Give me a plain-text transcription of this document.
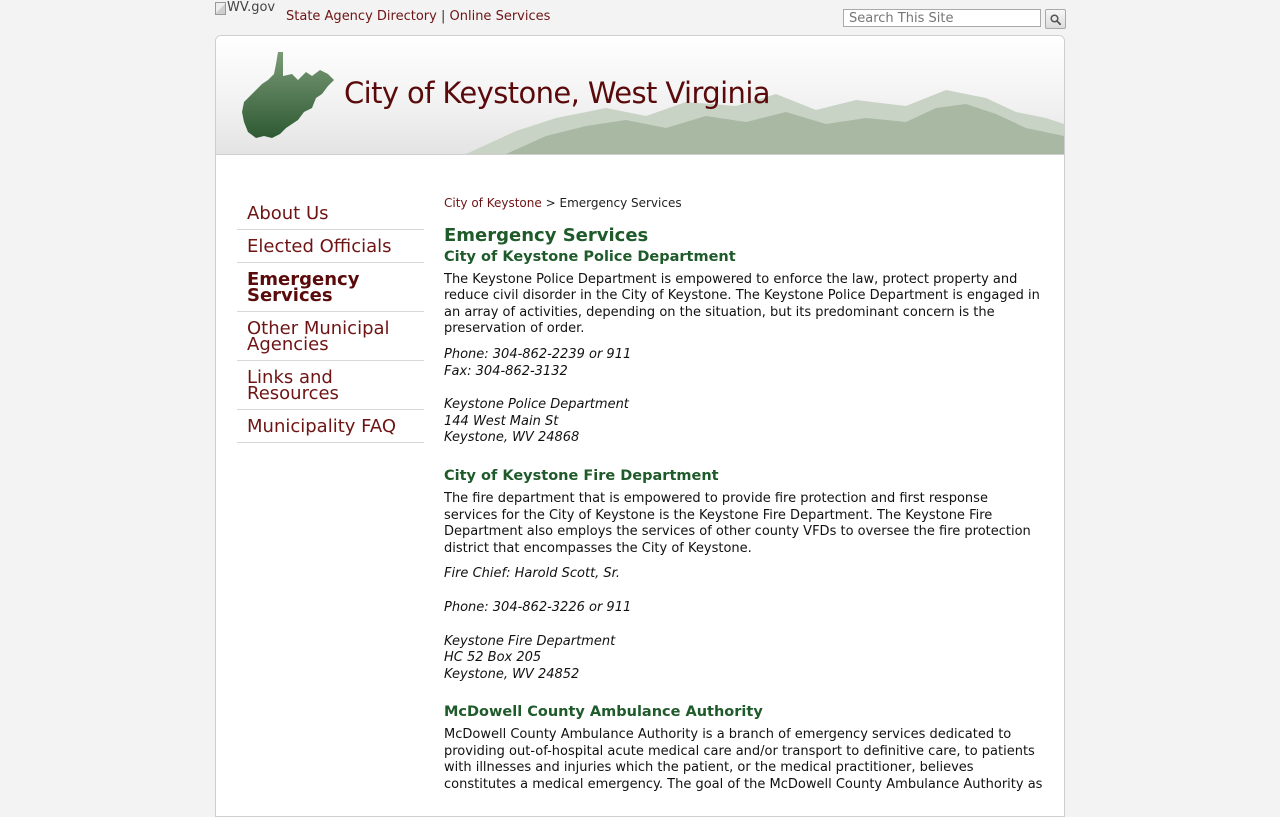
WV.gov
State Agency Directory | Online Services
Search This Site
City of Keystone, West Virginia
About Us
Elected Officials
Emergency Services
Other Municipal Agencies
Links and Resources
Municipality FAQ
City of Keystone > Emergency Services
Emergency Services
City of Keystone Police Department

The Keystone Police Department is empowered to enforce the law, protect property and reduce civil disorder in the City of Keystone. The Keystone Police Department is engaged in an array of activities, depending on the situation, but its predominant concern is the preservation of order.

Phone: 304-862-2239 or 911
Fax: 304-862-3132
Keystone Police Department
144 West Main St
Keystone, WV 24868
City of Keystone Fire Department

The fire department that is empowered to provide fire protection and first response services for the City of Keystone is the Keystone Fire Department. The Keystone Fire Department also employs the services of other county VFDs to oversee the fire protection district that encompasses the City of Keystone.

Fire Chief: Harold Scott, Sr.
Phone: 304-862-3226 or 911
Keystone Fire Department
HC 52 Box 205
Keystone, WV 24852
McDowell County Ambulance Authority

McDowell County Ambulance Authority is a branch of emergency services dedicated to providing out-of-hospital acute medical care and/or transport to definitive care, to patients with illnesses and injuries which the patient, or the medical practitioner, believes constitutes a medical emergency. The goal of the McDowell County Ambulance Authority as
